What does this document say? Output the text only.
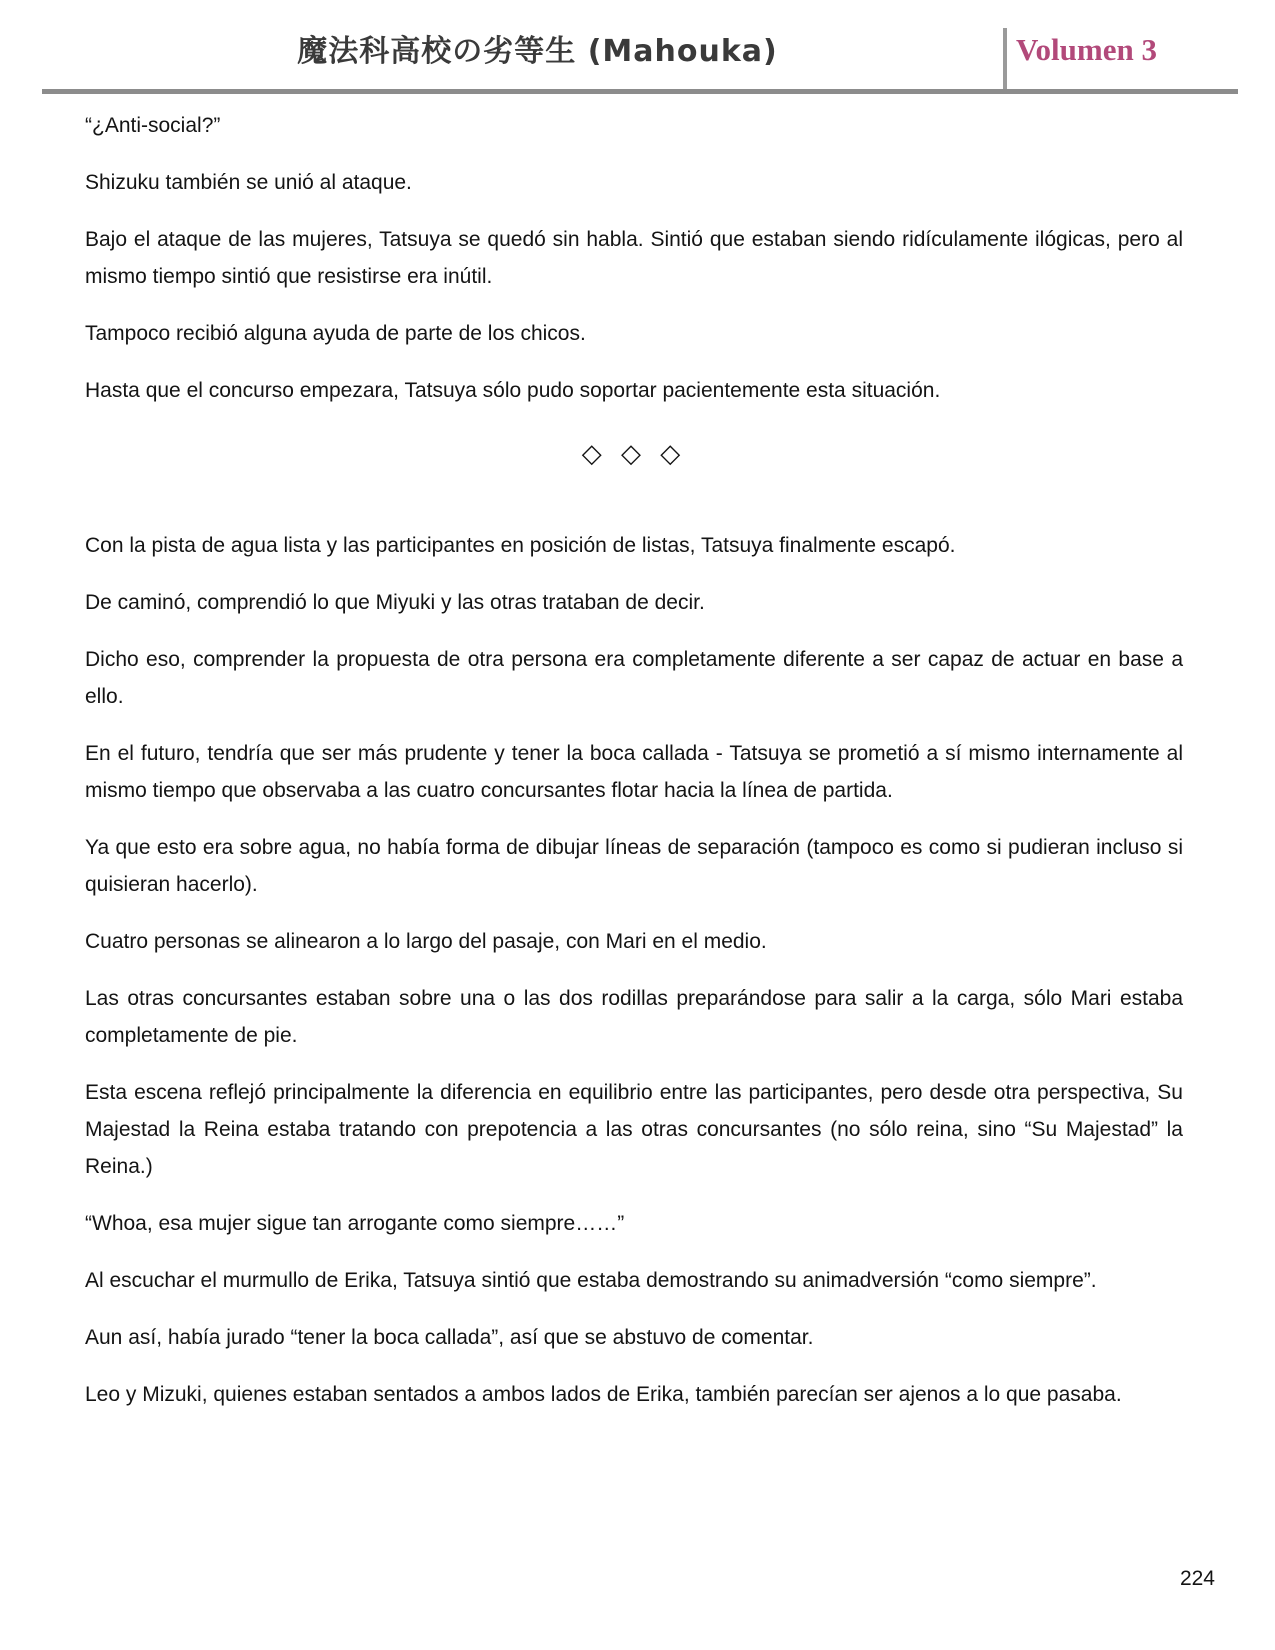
魔法科高校の劣等生 (Mahouka)	Volumen 3

“¿Anti-social?”

Shizuku también se unió al ataque.

Bajo el ataque de las mujeres, Tatsuya se quedó sin habla. Sintió que estaban siendo ridículamente ilógicas, pero al mismo tiempo sintió que resistirse era inútil.

Tampoco recibió alguna ayuda de parte de los chicos.

Hasta que el concurso empezara, Tatsuya sólo pudo soportar pacientemente esta situación.

◇ ◇ ◇

Con la pista de agua lista y las participantes en posición de listas, Tatsuya finalmente escapó.

De caminó, comprendió lo que Miyuki y las otras trataban de decir.

Dicho eso, comprender la propuesta de otra persona era completamente diferente a ser capaz de actuar en base a ello.

En el futuro, tendría que ser más prudente y tener la boca callada - Tatsuya se prometió a sí mismo internamente al mismo tiempo que observaba a las cuatro concursantes flotar hacia la línea de partida.

Ya que esto era sobre agua, no había forma de dibujar líneas de separación (tampoco es como si pudieran incluso si quisieran hacerlo).

Cuatro personas se alinearon a lo largo del pasaje, con Mari en el medio.

Las otras concursantes estaban sobre una o las dos rodillas preparándose para salir a la carga, sólo Mari estaba completamente de pie.

Esta escena reflejó principalmente la diferencia en equilibrio entre las participantes, pero desde otra perspectiva, Su Majestad la Reina estaba tratando con prepotencia a las otras concursantes (no sólo reina, sino “Su Majestad” la Reina.)

“Whoa, esa mujer sigue tan arrogante como siempre……”

Al escuchar el murmullo de Erika, Tatsuya sintió que estaba demostrando su animadversión “como siempre”.

Aun así, había jurado “tener la boca callada”, así que se abstuvo de comentar.

Leo y Mizuki, quienes estaban sentados a ambos lados de Erika, también parecían ser ajenos a lo que pasaba.

224
